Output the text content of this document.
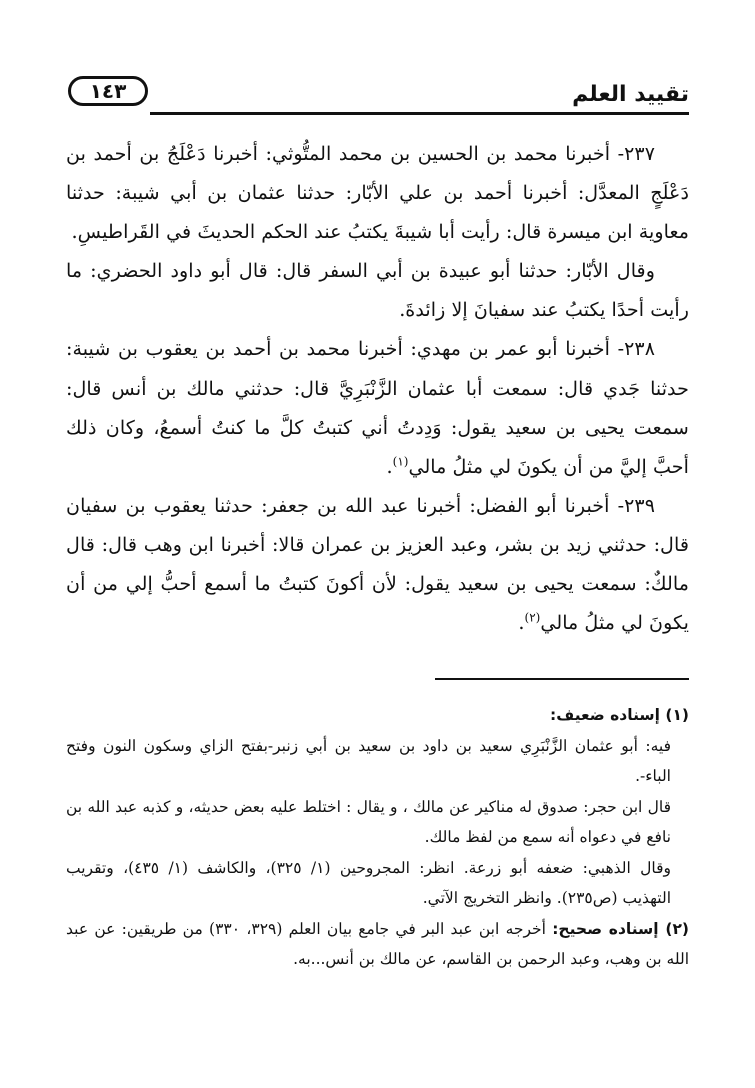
تقييد العلم
١٤٣

٢٣٧- أخبرنا محمد بن الحسين بن محمد المتُّوثي: أخبرنا دَعْلَجُ بن أحمد بن دَعْلَجٍ المعدَّل: أخبرنا أحمد بن علي الأبّار: حدثنا عثمان بن أبي شيبة: حدثنا معاوية ابن ميسرة قال: رأيت أبا شيبةَ يكتبُ عند الحكم الحديثَ في القَراطيسِ.

وقال الأبّار: حدثنا أبو عبيدة بن أبي السفر قال: قال أبو داود الحضري: ما رأيت أحدًا يكتبُ عند سفيانَ إلا زائدةَ.

٢٣٨- أخبرنا أبو عمر بن مهدي: أخبرنا محمد بن أحمد بن يعقوب بن شيبة: حدثنا جَدي قال: سمعت أبا عثمان الزَّنْبَرِيَّ قال: حدثني مالك بن أنس قال: سمعت يحيى بن سعيد يقول: وَدِدتُ أني كتبتُ كلَّ ما كنتُ أسمعُ، وكان ذلك أحبَّ إليَّ من أن يكونَ لي مثلُ مالي$^{(١)}$.

٢٣٩- أخبرنا أبو الفضل: أخبرنا عبد الله بن جعفر: حدثنا يعقوب بن سفيان قال: حدثني زيد بن بشر، وعبد العزيز بن عمران قالا: أخبرنا ابن وهب قال: قال مالكٌ: سمعت يحيى بن سعيد يقول: لأن أكونَ كتبتُ ما أسمع أحبُّ إلي من أن يكونَ لي مثلُ مالي$^{(٢)}$.

(١) إسناده ضعيف:

فيه: أبو عثمان الزَّنْبَرِي سعيد بن داود بن سعيد بن أبي زنبر-بفتح الزاي وسكون النون وفتح الباء-.

قال ابن حجر: صدوق له مناكير عن مالك ، و يقال : اختلط عليه بعض حديثه، و كذبه عبد الله بن نافع في دعواه أنه سمع من لفظ مالك.

وقال الذهبي: ضعفه أبو زرعة. انظر: المجروحين (١/ ٣٢٥)، والكاشف (١/ ٤٣٥)، وتقريب التهذيب (ص٢٣٥). وانظر التخريج الآتي.

(٢) إسناده صحيح: أخرجه ابن عبد البر في جامع بيان العلم (٣٢٩، ٣٣٠) من طريقين: عن عبد الله بن وهب، وعبد الرحمن بن القاسم، عن مالك بن أنس...به.
